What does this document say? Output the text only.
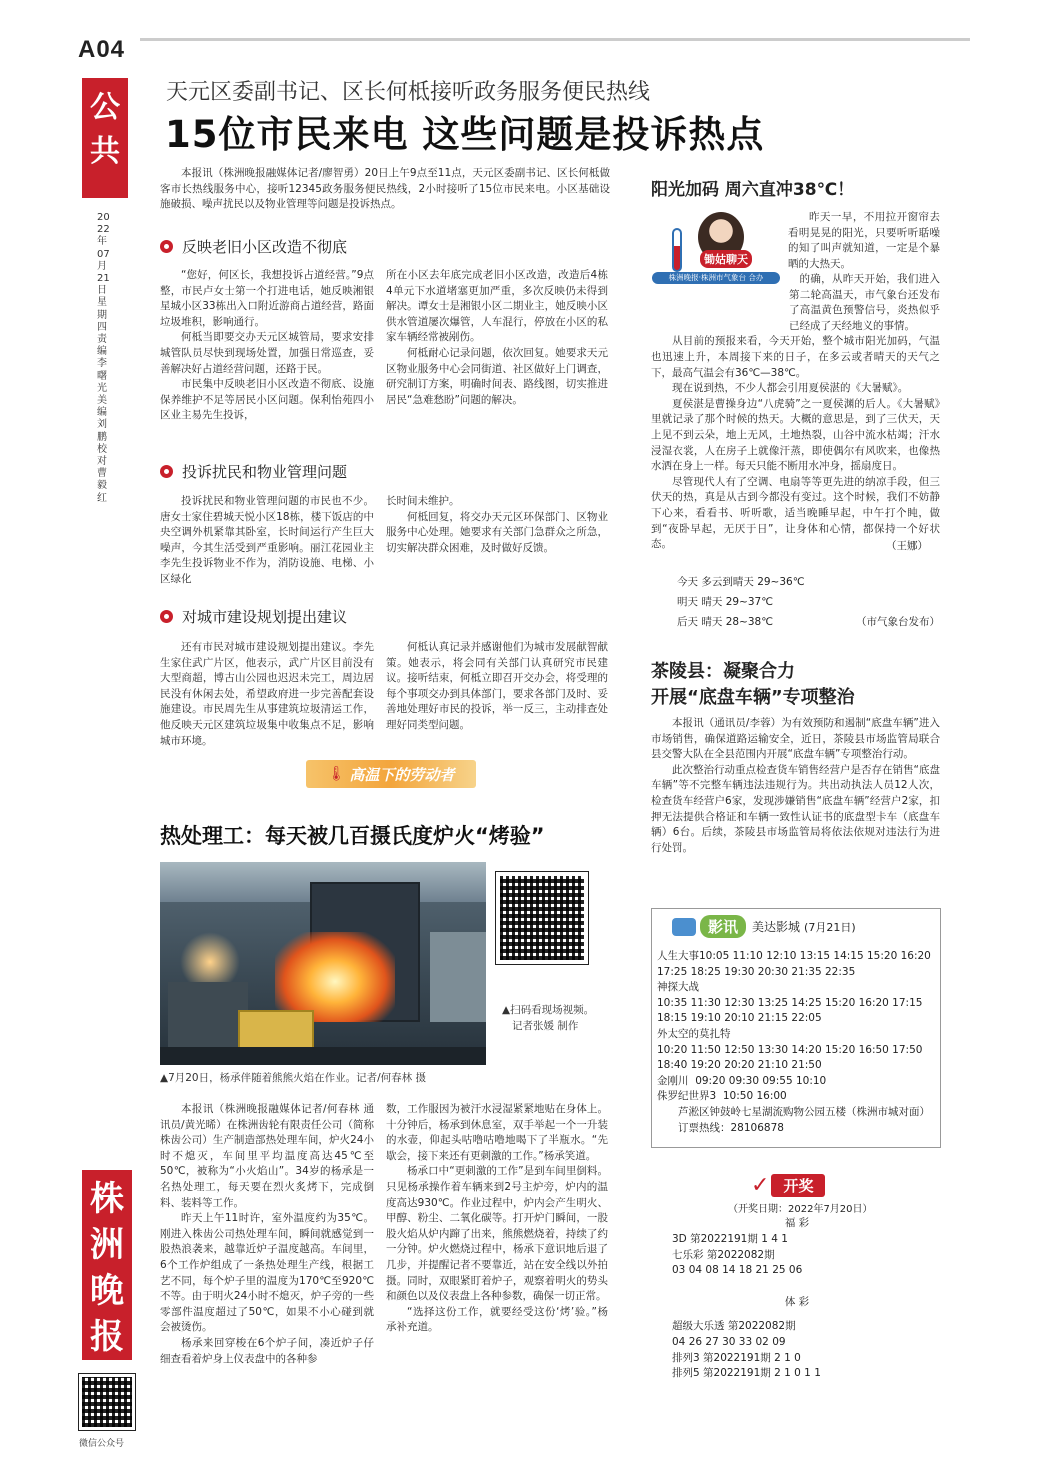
A04
公共
2022年07月21日 星期四 责编李曙光 美编刘鹏 校对曹毅红
天元区委副书记、区长何柢接听政务服务便民热线
15位市民来电 这些问题是投诉热点

本报讯（株洲晚报融媒体记者/廖智勇）20日上午9点至11点，天元区委副书记、区长何柢做客市长热线服务中心，接听12345政务服务便民热线，2小时接听了15位市民来电。小区基础设施破损、噪声扰民以及物业管理等问题是投诉热点。

反映老旧小区改造不彻底

“您好，何区长，我想投诉占道经营。”9点整，市民卢女士第一个打进电话，她反映湘银星城小区33栋出入口附近游商占道经营，路面垃圾堆积，影响通行。

何柢当即要交办天元区城管局，要求安排城管队员尽快到现场处置，加强日常巡查，妥善解决好占道经营问题，还路于民。

市民集中反映老旧小区改造不彻底、设施保养维护不足等居民小区问题。保利怡苑四小区业主易先生投诉，

所在小区去年底完成老旧小区改造，改造后4栋4单元下水道堵塞更加严重，多次反映仍未得到解决。谭女士是湘银小区二期业主，她反映小区供水管道屡次爆管，人车混行，停放在小区的私家车辆经常被剐伤。

何柢耐心记录问题，依次回复。她要求天元区物业服务中心会同街道、社区做好上门调查，研究制订方案，明确时间表、路线图，切实推进居民“急难愁盼”问题的解决。

投诉扰民和物业管理问题

投诉扰民和物业管理问题的市民也不少。唐女士家住碧城天悦小区18栋，楼下饭店的中央空调外机紧靠其卧室，长时间运行产生巨大噪声，今其生活受到严重影响。丽江花园业主李先生投诉物业不作为，消防设施、电梯、小区绿化

长时间未维护。

何柢回复，将交办天元区环保部门、区物业服务中心处理。她要求有关部门急群众之所急，切实解决群众困难，及时做好反馈。

对城市建设规划提出建议

还有市民对城市建设规划提出建议。李先生家住武广片区，他表示，武广片区目前没有大型商超，博古山公园也迟迟未完工，周边居民没有休闲去处，希望政府进一步完善配套设施建设。市民周先生从事建筑垃圾清运工作，他反映天元区建筑垃圾集中收集点不足，影响城市环境。

何柢认真记录并感谢他们为城市发展献智献策。她表示，将会同有关部门认真研究市民建议。接听结束，何柢立即召开交办会，将受理的每个事项交办到具体部门，要求各部门及时、妥善地处理好市民的投诉，举一反三，主动排查处理好同类型问题。

🌡 高温下的劳动者
热处理工：每天被几百摄氏度炉火“烤验”
▲扫码看现场视频。
记者张媛 制作
▲7月20日，杨承伴随着熊熊火焰在作业。记者/何春林 摄

本报讯（株洲晚报融媒体记者/何春林 通讯员/黄光晞）在株洲齿轮有限责任公司（简称株齿公司）生产制造部热处理车间，炉火24小时不熄灭，车间里平均温度高达45℃至50℃，被称为“小火焰山”。34岁的杨承是一名热处理工，每天要在烈火炙烤下，完成倒料、装料等工作。

昨天上午11时许，室外温度约为35℃。刚进入株齿公司热处理车间，瞬间就感觉到一股热浪袭来，越靠近炉子温度越高。车间里，6个工作炉组成了一条热处理生产线，根据工艺不同，每个炉子里的温度为170℃至920℃不等。由于明火24小时不熄灭，炉子旁的一些零部件温度超过了50℃，如果不小心碰到就会被烫伤。

杨承来回穿梭在6个炉子间，凑近炉子仔细查看着炉身上仪表盘中的各种参

数，工作服因为被汗水浸湿紧紧地贴在身体上。十分钟后，杨承到休息室，双手举起一个一升装的水壶，仰起头咕噜咕噜地喝下了半瓶水。“先歇会，接下来还有更刺激的工作。”杨承笑道。

杨承口中“更刺激的工作”是到车间里倒料。只见杨承操作着车辆来到2号主炉旁，炉内的温度高达930℃。作业过程中，炉内会产生明火、甲醇、粉尘、二氧化碳等。打开炉门瞬间，一股股火焰从炉内蹿了出来，熊熊燃烧着，持续了约一分钟。炉火燃烧过程中，杨承下意识地后退了几步，并提醒记者不要靠近，站在安全线以外拍摄。同时，双眼紧盯着炉子，观察着明火的势头和颜色以及仪表盘上各种参数，确保一切正常。

“选择这份工作，就要经受这份‘烤’验。”杨承补充道。

阳光加码 周六直冲38℃！
锄姑聊天
株洲晚报·株洲市气象台 合办

昨天一早，不用拉开窗帘去看明晃晃的阳光，只要听听聒噪的知了叫声就知道，一定是个暴晒的大热天。

的确，从昨天开始，我们进入第二轮高温天，市气象台还发布了高温黄色预警信号，炎热似乎已经成了天经地义的事情。

从目前的预报来看，今天开始，整个城市阳光加码，气温也迅速上升，本周接下来的日子，在多云或者晴天的天气之下，最高气温会有36℃—38℃。

现在说到热，不少人都会引用夏侯湛的《大暑赋》。

夏侯湛是曹操身边“八虎骑”之一夏侯渊的后人。《大暑赋》里就记录了那个时候的热天。大概的意思是，到了三伏天，天上见不到云朵，地上无风，土地热裂，山谷中流水枯竭；汗水浸湿衣裳，人在房子上就像汗蒸，即使偶尔有风吹来，也像热水洒在身上一样。每天只能不断用水冲身，摇扇度日。

尽管现代人有了空调、电扇等等更先进的纳凉手段，但三伏天的热，真是从古到今都没有变过。这个时候，我们不妨静下心来，看看书、听听歌，适当晚睡早起，中午打个盹，做到“夜卧早起，无厌于日”，让身体和心情，都保持一个好状态。	（王娜）
今天 多云到晴天 29~36℃
明天 晴天 29~37℃
后天 晴天 28~38℃	（市气象台发布）
茶陵县：凝聚合力
开展“底盘车辆”专项整治

本报讯（通讯员/李蓉）为有效预防和遏制“底盘车辆”进入市场销售，确保道路运输安全，近日，茶陵县市场监管局联合县交警大队在全县范围内开展“底盘车辆”专项整治行动。

此次整治行动重点检查货车销售经营户是否存在销售“底盘车辆”等不完整车辆违法违规行为。共出动执法人员12人次，检查货车经营户6家，发现涉嫌销售“底盘车辆”经营户2家，扣押无法提供合格证和车辆一致性认证书的底盘型卡车（底盘车辆）6台。后续，茶陵县市场监管局将依法依规对违法行为进行处罚。

影讯	美达影城 (7月21日)
人生大事10:05 11:10 12:10 13:15 14:15 15:20 16:20 17:25 18:25 19:30 20:30 21:35 22:35
神探大战
10:35 11:30 12:30 13:25 14:25 15:20 16:20 17:15 18:15 19:10 20:10 21:15 22:05
外太空的莫扎特
10:20 11:50 12:50 13:30 14:20 15:20 16:50 17:50 18:40 19:20 20:20 21:10 21:50
金刚川 09:20 09:30 09:55 10:10
侏罗纪世界3 10:50 16:00
芦淞区钟鼓岭七星湖流购物公园五楼（株洲市城对面）
订票热线：28106878
✓ 开奖
（开奖日期：2022年7月20日）
福 彩
3D 第2022191期 1 4 1
七乐彩 第2022082期
03 04 08 14 18 21 25 06
体 彩
超级大乐透 第2022082期
04 26 27 30 33 02 09
排列3 第2022191期 2 1 0
排列5 第2022191期 2 1 0 1 1
株洲晚报
微信公众号
